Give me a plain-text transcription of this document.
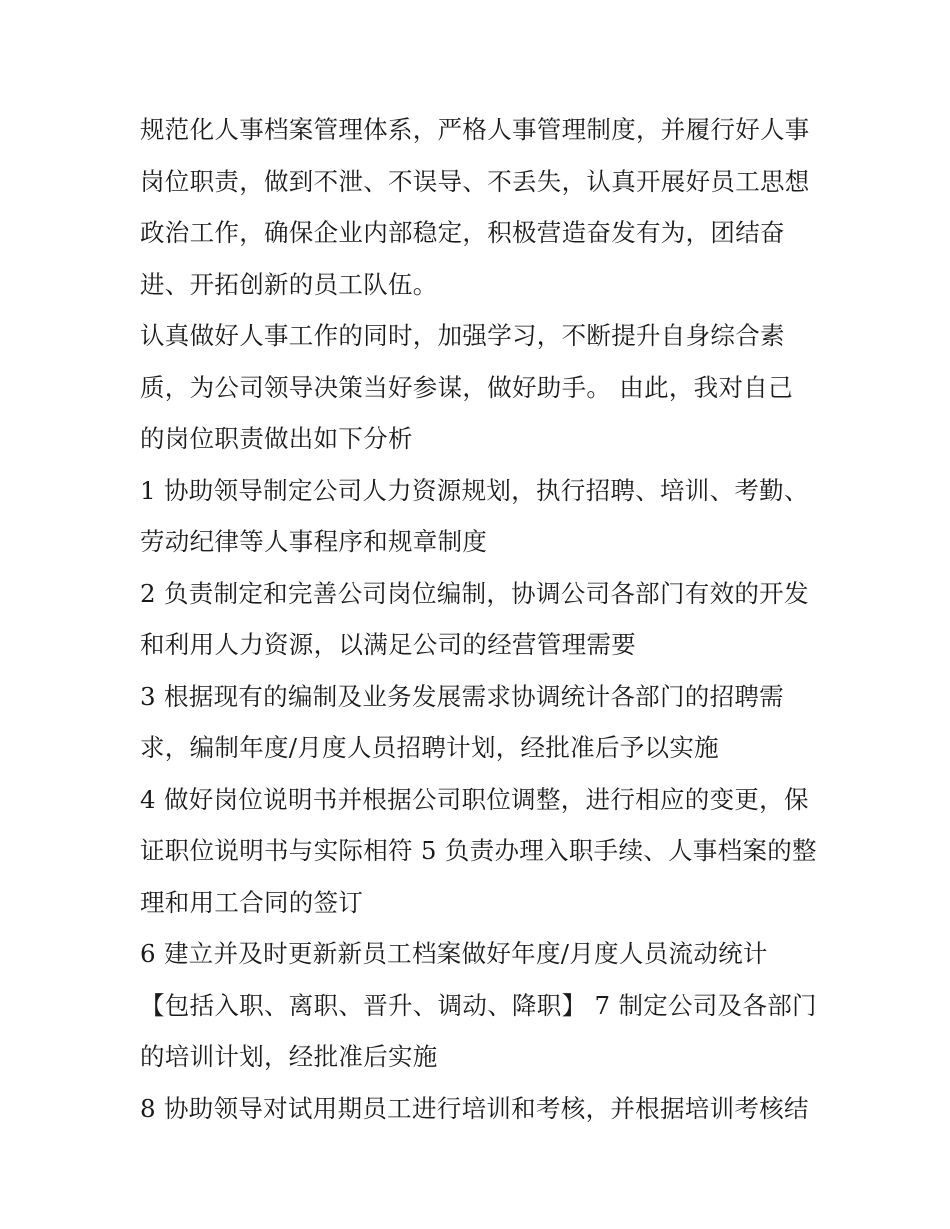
规范化人事档案管理体系，严格人事管理制度，并履行好人事
岗位职责，做到不泄、不误导、不丢失，认真开展好员工思想
政治工作，确保企业内部稳定，积极营造奋发有为，团结奋
进、开拓创新的员工队伍。
认真做好人事工作的同时，加强学习，不断提升自身综合素
质，为公司领导决策当好参谋，做好助手。 由此，我对自己
的岗位职责做出如下分析
1 协助领导制定公司人力资源规划，执行招聘、培训、考勤、
劳动纪律等人事程序和规章制度
2 负责制定和完善公司岗位编制，协调公司各部门有效的开发
和利用人力资源，以满足公司的经营管理需要
3 根据现有的编制及业务发展需求协调统计各部门的招聘需
求，编制年度/月度人员招聘计划，经批准后予以实施
4 做好岗位说明书并根据公司职位调整，进行相应的变更，保
证职位说明书与实际相符 5 负责办理入职手续、人事档案的整
理和用工合同的签订
6 建立并及时更新新员工档案做好年度/月度人员流动统计
【包括入职、离职、晋升、调动、降职】 7 制定公司及各部门
的培训计划，经批准后实施
8 协助领导对试用期员工进行培训和考核，并根据培训考核结
